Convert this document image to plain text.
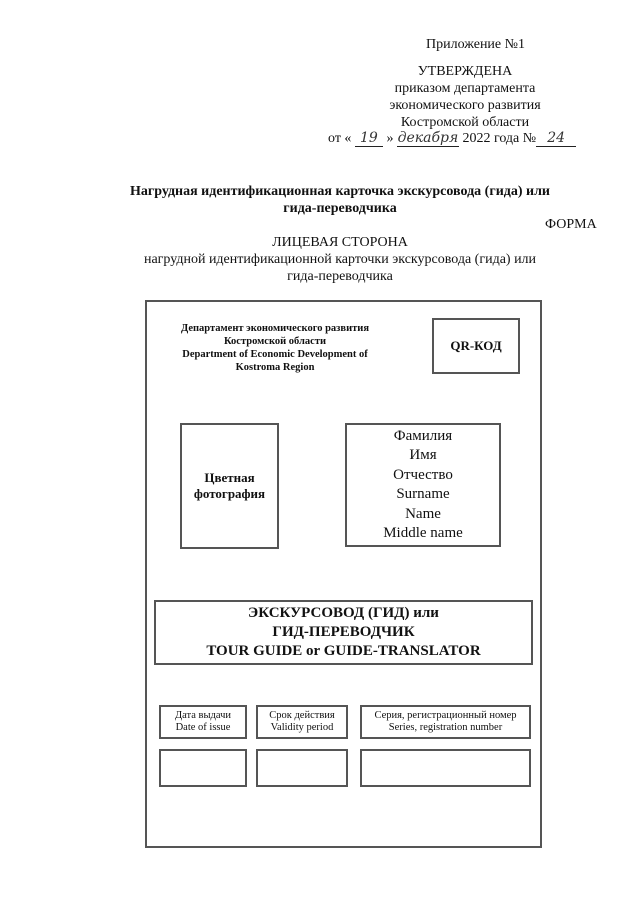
Приложение №1
УТВЕРЖДЕНА
приказом департамента
экономического развития
Костромской области
от « 19 » декабря 2022 года № 24
Нагрудная идентификационная карточка экскурсовода (гида) или
гида-переводчика
ФОРМА
ЛИЦЕВАЯ СТОРОНА
нагрудной идентификационной карточки экскурсовода (гида) или
гида-переводчика
Департамент экономического развития
Костромской области
Department of Economic Development of
Kostroma Region
QR-КОД
Цветная
фотография
Фамилия
Имя
Отчество
Surname
Name
Middle name
ЭКСКУРСОВОД (ГИД) или
ГИД-ПЕРЕВОДЧИК
TOUR GUIDE or GUIDE-TRANSLATOR
Дата выдачи
Date of issue
Срок действия
Validity period
Серия, регистрационный номер
Series, registration number
